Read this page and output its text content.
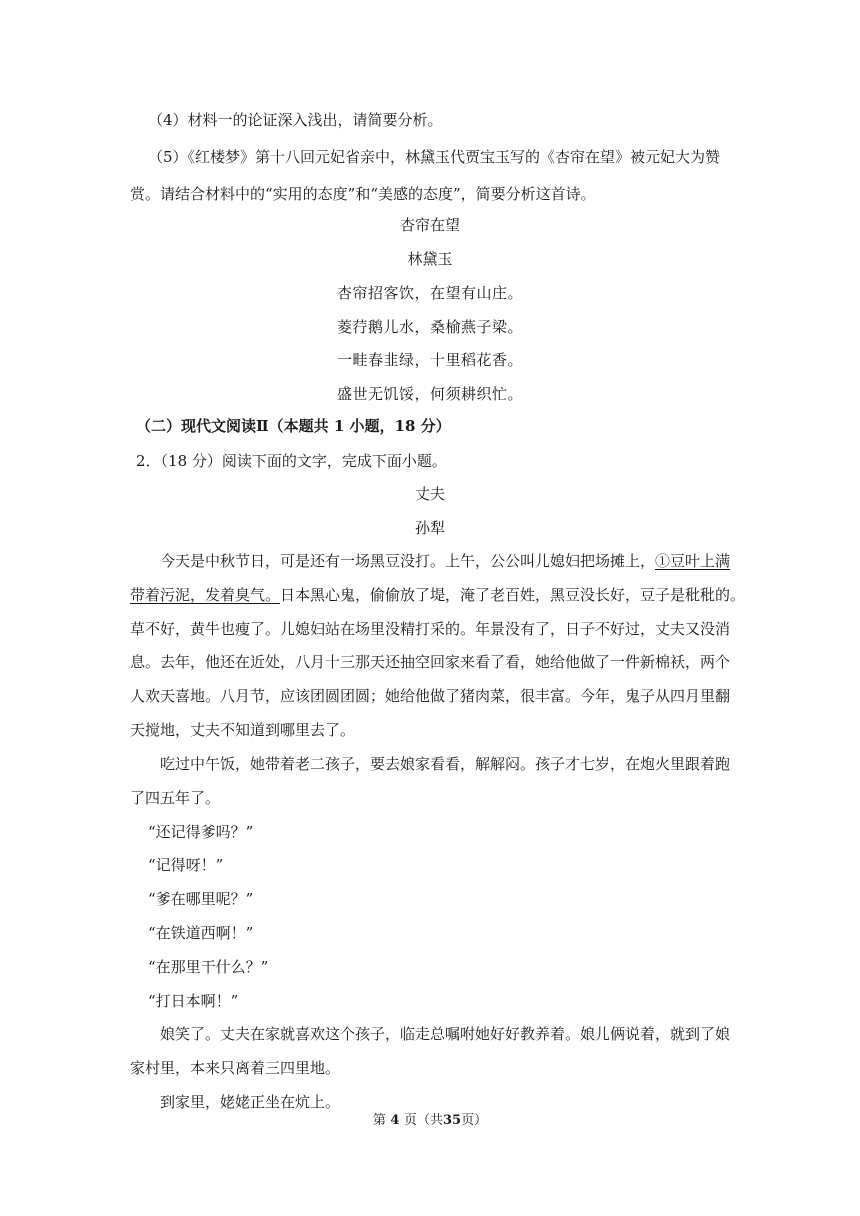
（4）材料一的论证深入浅出，请简要分析。
（5）《红楼梦》第十八回元妃省亲中，林黛玉代贾宝玉写的《杏帘在望》被元妃大为赞
赏。请结合材料中的“实用的态度”和“美感的态度”，简要分析这首诗。
杏帘在望
林黛玉
杏帘招客饮，在望有山庄。
菱荇鹅儿水，桑榆燕子梁。
一畦春韭绿，十里稻花香。
盛世无饥馁，何须耕织忙。
（二）现代文阅读Ⅱ（本题共 1 小题，18 分）
2．（18 分）阅读下面的文字，完成下面小题。
丈夫
孙犁
今天是中秋节日，可是还有一场黑豆没打。上午，公公叫儿媳妇把场摊上，①豆叶上满
带着污泥，发着臭气。日本黑心鬼，偷偷放了堤，淹了老百姓，黑豆没长好，豆子是秕秕的。
草不好，黄牛也瘦了。儿媳妇站在场里没精打采的。年景没有了，日子不好过，丈夫又没消
息。去年，他还在近处，八月十三那天还抽空回家来看了看，她给他做了一件新棉袄，两个
人欢天喜地。八月节，应该团圆团圆；她给他做了猪肉菜，很丰富。今年，鬼子从四月里翻
天搅地，丈夫不知道到哪里去了。
吃过中午饭，她带着老二孩子，要去娘家看看，解解闷。孩子才七岁，在炮火里跟着跑
了四五年了。
“还记得爹吗？”
“记得呀！”
“爹在哪里呢？”
“在铁道西啊！”
“在那里干什么？”
“打日本啊！”
娘笑了。丈夫在家就喜欢这个孩子，临走总嘱咐她好好教养着。娘儿俩说着，就到了娘
家村里，本来只离着三四里地。
到家里，姥姥正坐在炕上。
第 4 页（共35页）
